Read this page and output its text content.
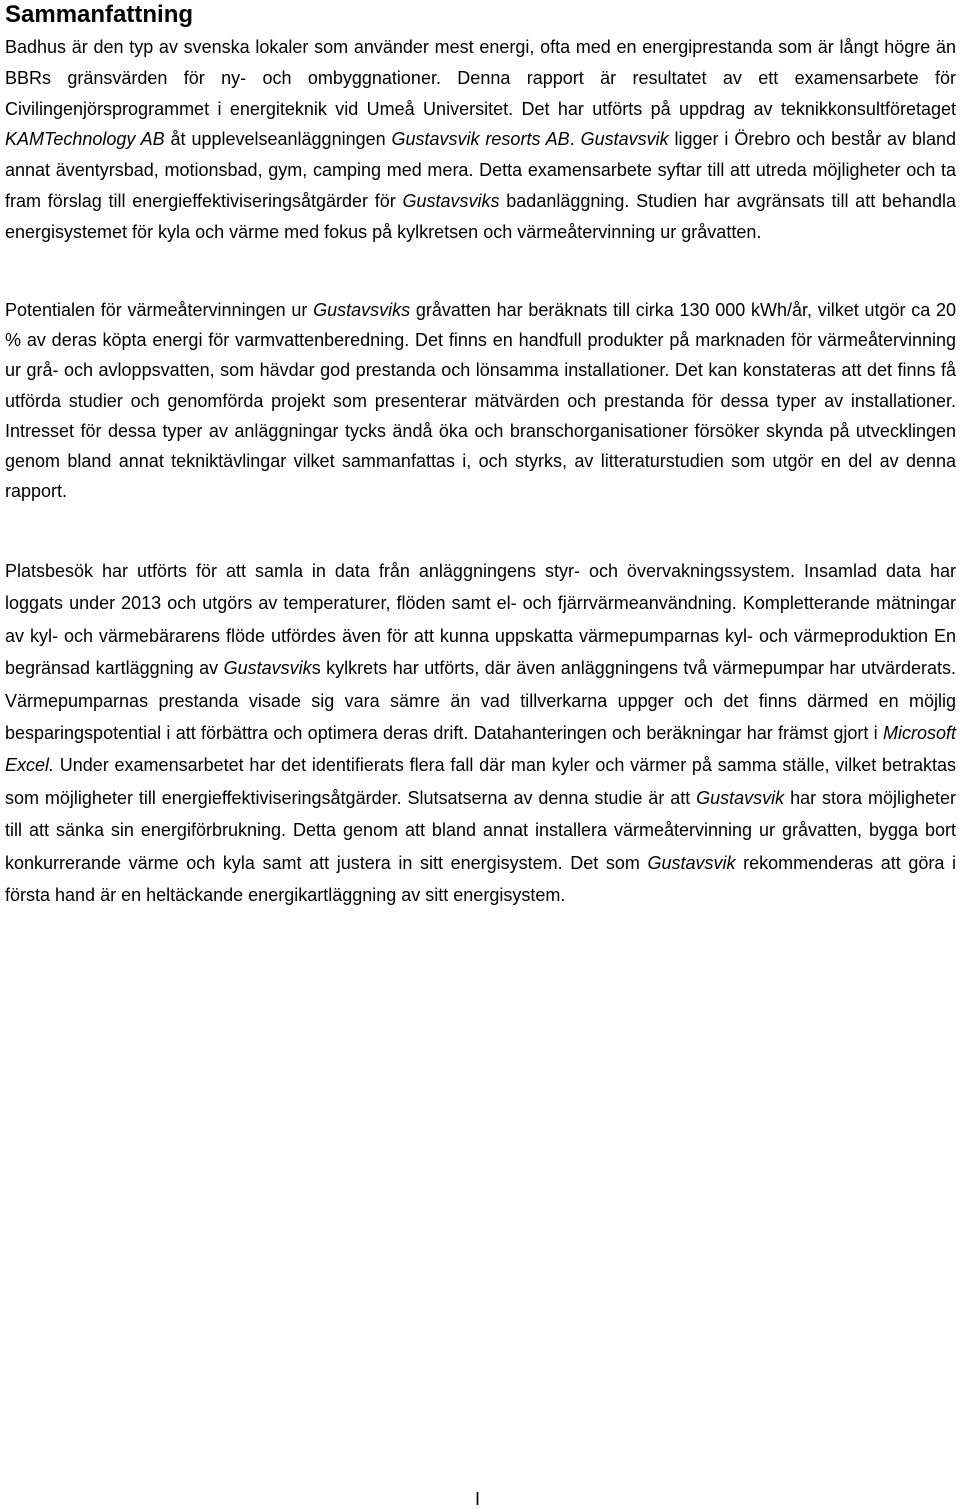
Sammanfattning

Badhus är den typ av svenska lokaler som använder mest energi, ofta med en energiprestanda som är långt högre än BBRs gränsvärden för ny- och ombyggnationer. Denna rapport är resultatet av ett examensarbete för Civilingenjörsprogrammet i energiteknik vid Umeå Universitet. Det har utförts på uppdrag av teknikkonsultföretaget KAMTechnology AB åt upplevelseanläggningen Gustavsvik resorts AB. Gustavsvik ligger i Örebro och består av bland annat äventyrsbad, motionsbad, gym, camping med mera. Detta examensarbete syftar till att utreda möjligheter och ta fram förslag till energieffektiviseringsåtgärder för Gustavsviks badanläggning. Studien har avgränsats till att behandla energisystemet för kyla och värme med fokus på kylkretsen och värmeåtervinning ur gråvatten.

Potentialen för värmeåtervinningen ur Gustavsviks gråvatten har beräknats till cirka 130 000 kWh/år, vilket utgör ca 20 % av deras köpta energi för varmvattenberedning. Det finns en handfull produkter på marknaden för värmeåtervinning ur grå- och avloppsvatten, som hävdar god prestanda och lönsamma installationer. Det kan konstateras att det finns få utförda studier och genomförda projekt som presenterar mätvärden och prestanda för dessa typer av installationer. Intresset för dessa typer av anläggningar tycks ändå öka och branschorganisationer försöker skynda på utvecklingen genom bland annat tekniktävlingar vilket sammanfattas i, och styrks, av litteraturstudien som utgör en del av denna rapport.

Platsbesök har utförts för att samla in data från anläggningens styr- och övervakningssystem. Insamlad data har loggats under 2013 och utgörs av temperaturer, flöden samt el- och fjärrvärmeanvändning. Kompletterande mätningar av kyl- och värmebärarens flöde utfördes även för att kunna uppskatta värmepumparnas kyl- och värmeproduktion En begränsad kartläggning av Gustavsviks kylkrets har utförts, där även anläggningens två värmepumpar har utvärderats. Värmepumparnas prestanda visade sig vara sämre än vad tillverkarna uppger och det finns därmed en möjlig besparingspotential i att förbättra och optimera deras drift. Datahanteringen och beräkningar har främst gjort i Microsoft Excel. Under examensarbetet har det identifierats flera fall där man kyler och värmer på samma ställe, vilket betraktas som möjligheter till energieffektiviseringsåtgärder. Slutsatserna av denna studie är att Gustavsvik har stora möjligheter till att sänka sin energiförbrukning. Detta genom att bland annat installera värmeåtervinning ur gråvatten, bygga bort konkurrerande värme och kyla samt att justera in sitt energisystem. Det som Gustavsvik rekommenderas att göra i första hand är en heltäckande energikartläggning av sitt energisystem.

I
